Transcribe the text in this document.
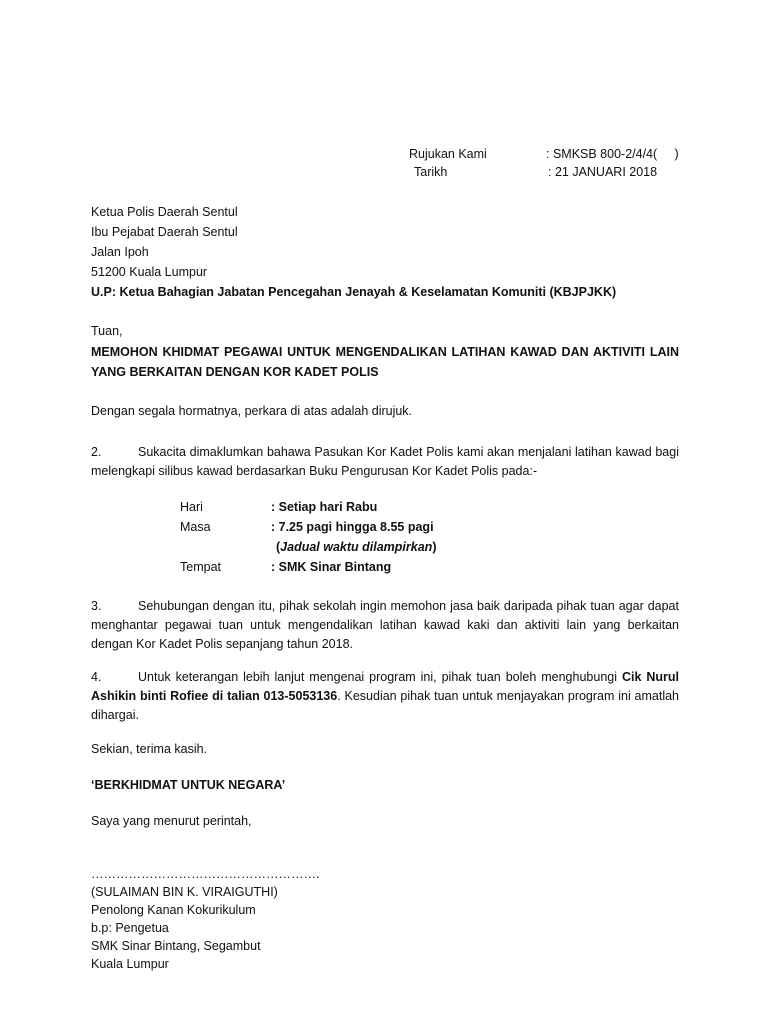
Rujukan Kami	: SMKSB 800-2/4/4(     )
Tarikh	: 21 JANUARI 2018
Ketua Polis Daerah Sentul
Ibu Pejabat Daerah Sentul
Jalan Ipoh
51200 Kuala Lumpur
U.P: Ketua Bahagian Jabatan Pencegahan Jenayah & Keselamatan Komuniti (KBJPJKK)
Tuan,
MEMOHON KHIDMAT PEGAWAI UNTUK MENGENDALIKAN LATIHAN KAWAD DAN AKTIVITI LAIN
YANG BERKAITAN DENGAN KOR KADET POLIS
Dengan segala hormatnya, perkara di atas adalah dirujuk.
2.	Sukacita dimaklumkan bahawa Pasukan Kor Kadet Polis kami akan menjalani latihan kawad bagi
melengkapi silibus kawad berdasarkan Buku Pengurusan Kor Kadet Polis pada:-
Hari	: Setiap hari Rabu
Masa	: 7.25 pagi hingga 8.55 pagi
(Jadual waktu dilampirkan)
Tempat	: SMK Sinar Bintang
3.	Sehubungan dengan itu, pihak sekolah ingin memohon jasa baik daripada pihak tuan agar dapat
menghantar pegawai tuan untuk mengendalikan latihan kawad kaki dan aktiviti lain yang berkaitan
dengan Kor Kadet Polis sepanjang tahun 2018.
4.	Untuk keterangan lebih lanjut mengenai program ini, pihak tuan boleh menghubungi Cik Nurul
Ashikin binti Rofiee di talian 013-5053136. Kesudian pihak tuan untuk menjayakan program ini amatlah
dihargai.
Sekian, terima kasih.
‘BERKHIDMAT UNTUK NEGARA’
Saya yang menurut perintah,
……………………………………………….
(SULAIMAN BIN K. VIRAIGUTHI)
Penolong Kanan Kokurikulum
b.p: Pengetua
SMK Sinar Bintang, Segambut
Kuala Lumpur
